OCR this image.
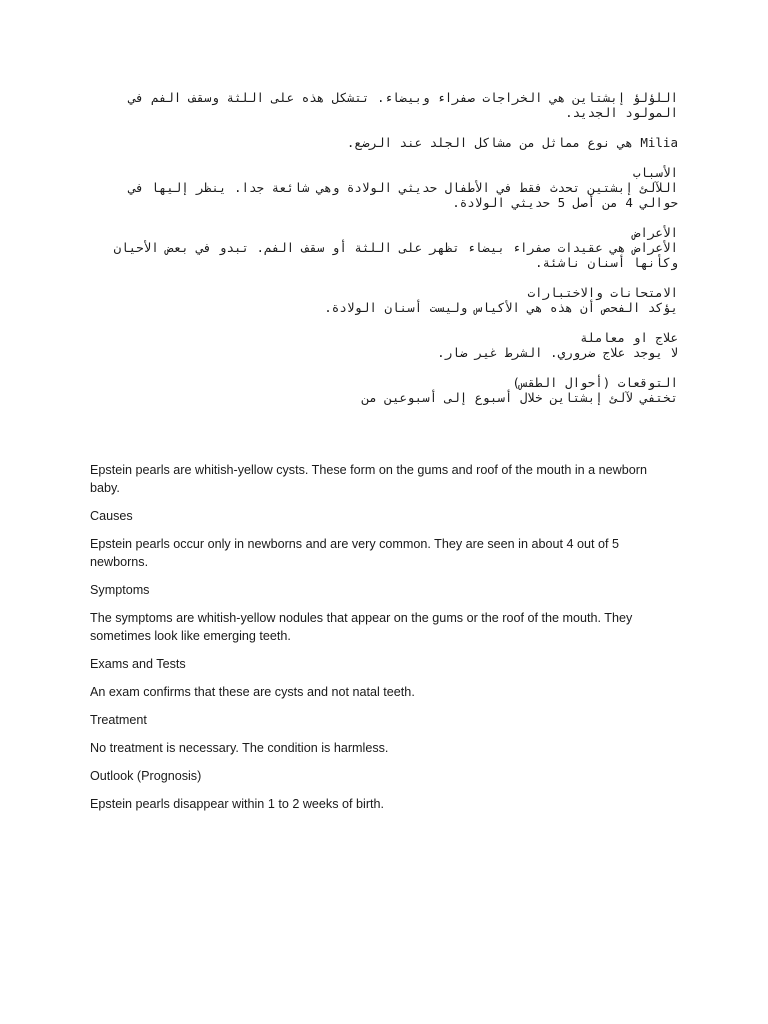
اللؤلؤ إبشتاين هي الخراجات صفراء وبيضاء. تتشكل هذه على اللثة وسقف الفم في المولود الجديد.

Milia هي نوع مماثل من مشاكل الجلد عند الرضع.

الأسباب
اللآلئ إبشتين تحدث فقط في الأطفال حديثي الولادة وهي شائعة جدا. ينظر إليها في حوالي 4 من أصل 5 حديثي الولادة.
الأعراض
الأعراض هي عقيدات صفراء بيضاء تظهر على اللثة أو سقف الفم. تبدو في بعض الأحيان وكأنها أسنان ناشئة.
الامتحانات والاختبارات
يؤكد الفحص أن هذه هي الأكياس وليست أسنان الولادة.
علاج او معاملة
لا يوجد علاج ضروري. الشرط غير ضار.
التوقعات (أحوال الطقس)
تختفي لآلئ إبشتاين خلال أسبوع إلى أسبوعين من

Epstein pearls are whitish-yellow cysts. These form on the gums and roof of the mouth in a newborn baby.

Causes

Epstein pearls occur only in newborns and are very common. They are seen in about 4 out of 5 newborns.

Symptoms

The symptoms are whitish-yellow nodules that appear on the gums or the roof of the mouth. They sometimes look like emerging teeth.

Exams and Tests

An exam confirms that these are cysts and not natal teeth.

Treatment

No treatment is necessary. The condition is harmless.

Outlook (Prognosis)

Epstein pearls disappear within 1 to 2 weeks of birth.
